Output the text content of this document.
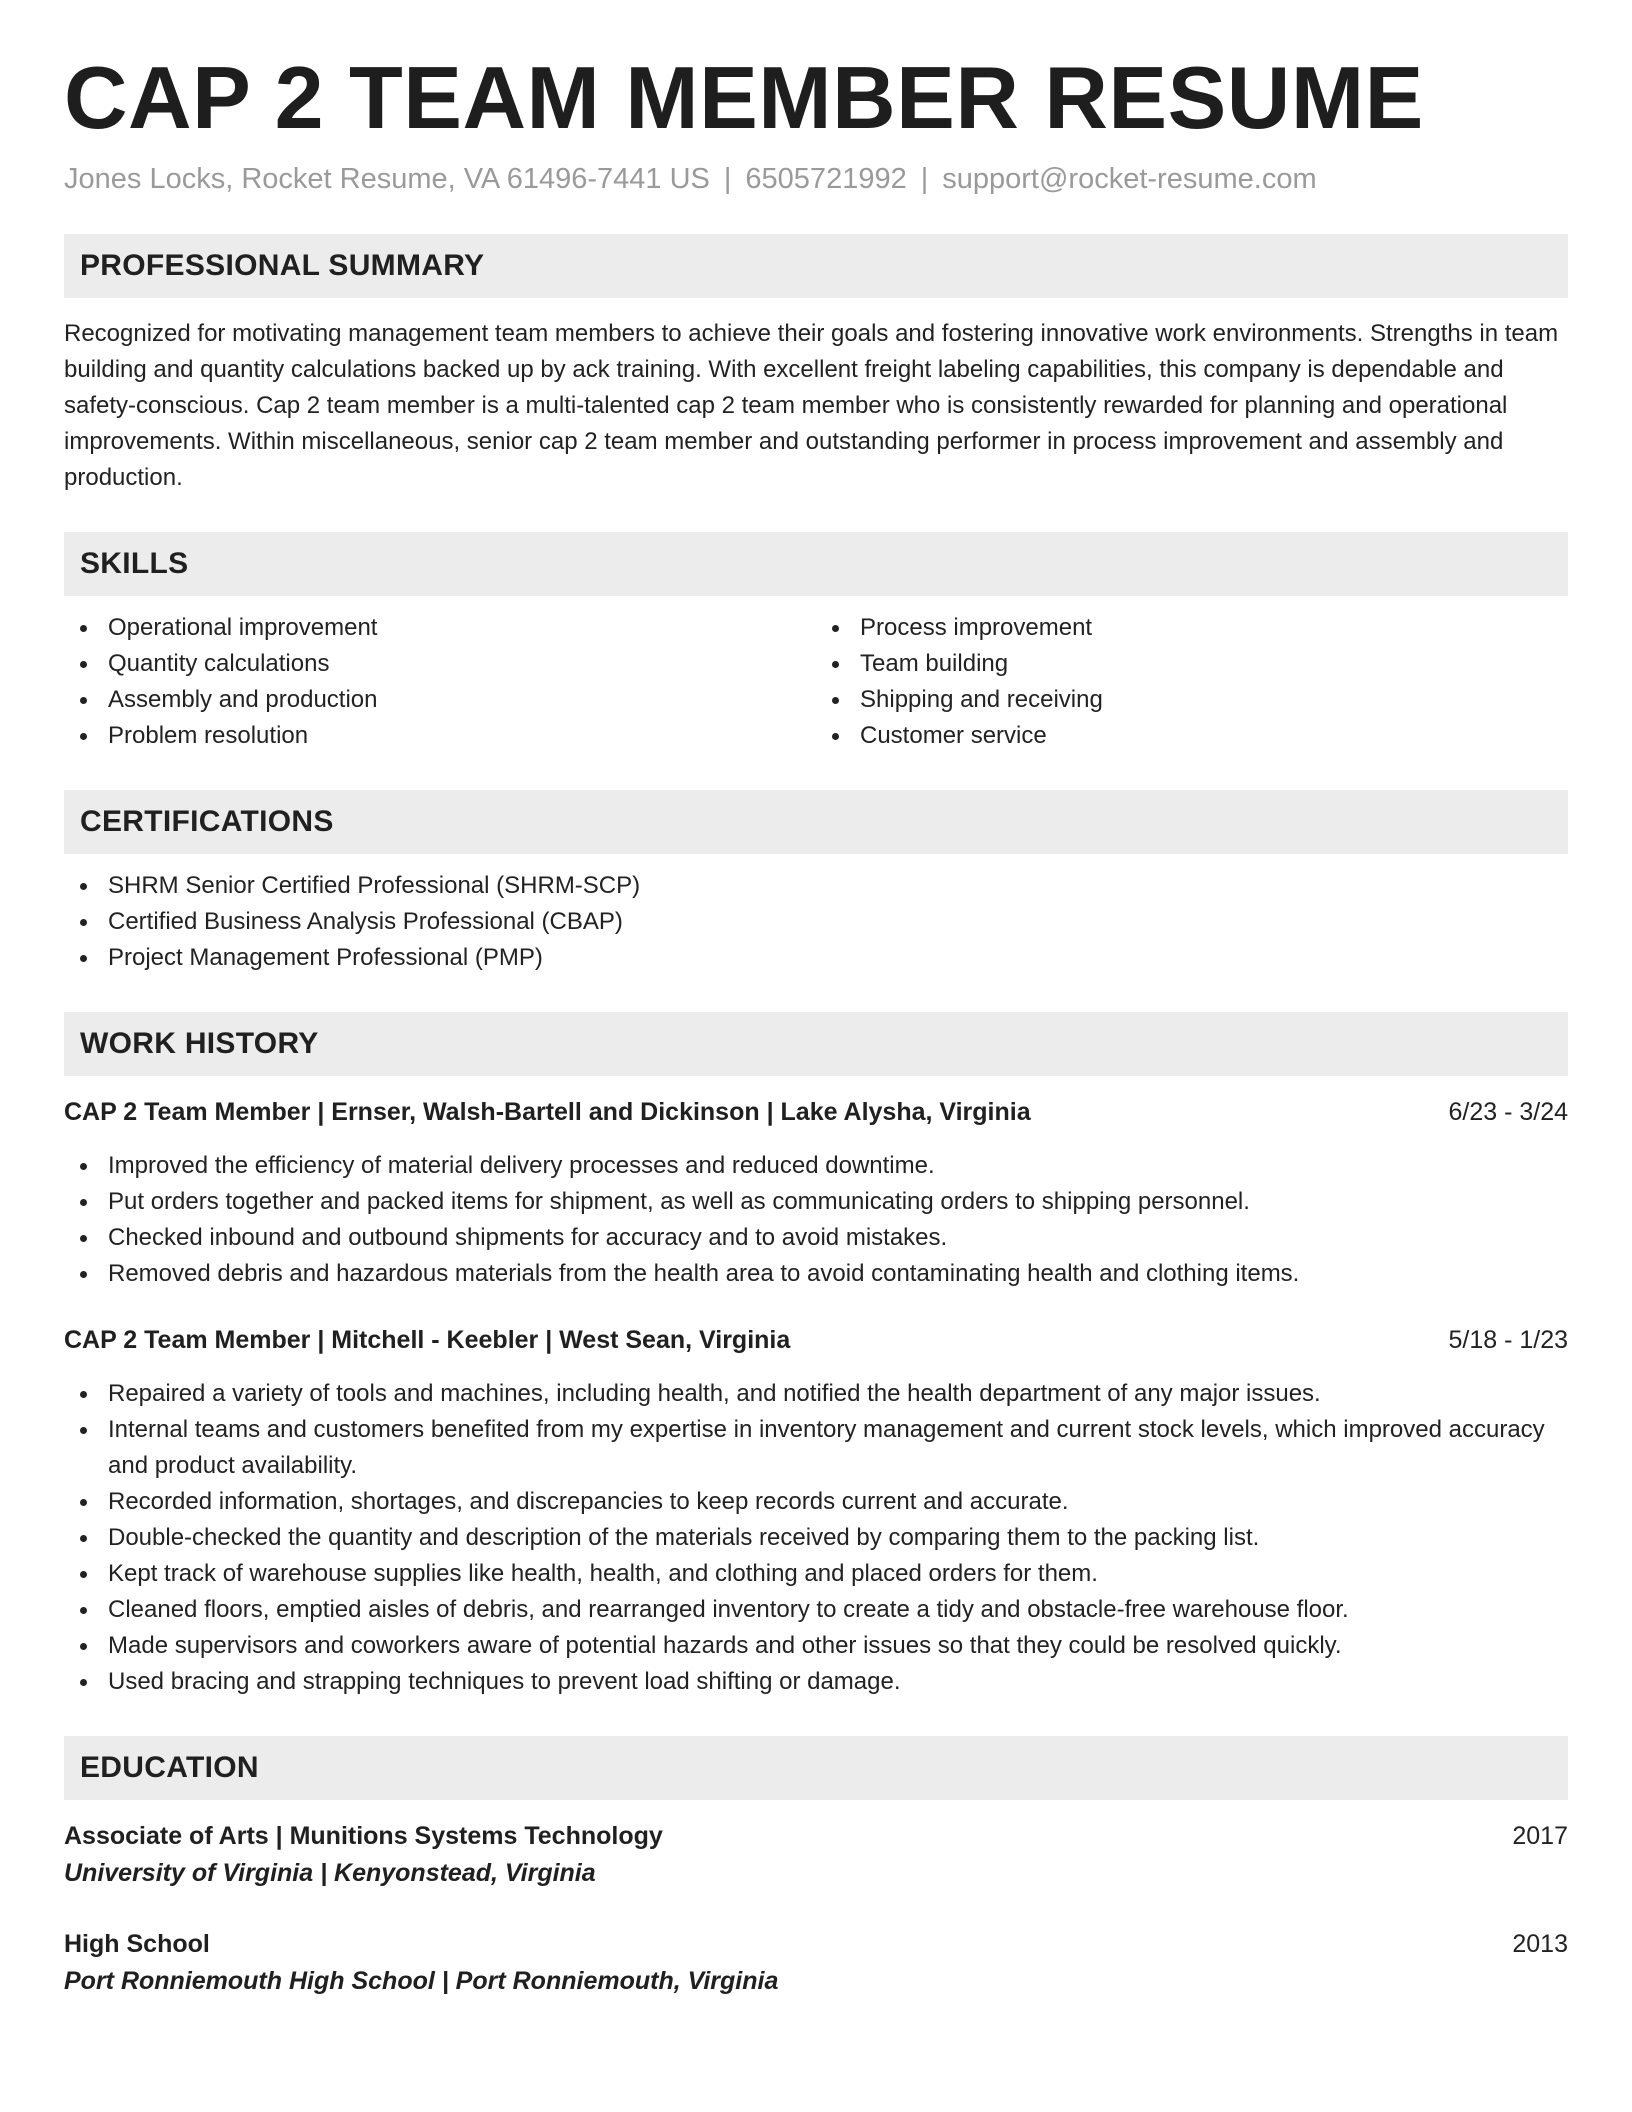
CAP 2 TEAM MEMBER RESUME
Jones Locks, Rocket Resume, VA 61496-7441 US | 6505721992 | support@rocket-resume.com
PROFESSIONAL SUMMARY
Recognized for motivating management team members to achieve their goals and fostering innovative work environments. Strengths in team building and quantity calculations backed up by ack training. With excellent freight labeling capabilities, this company is dependable and safety-conscious. Cap 2 team member is a multi-talented cap 2 team member who is consistently rewarded for planning and operational improvements. Within miscellaneous, senior cap 2 team member and outstanding performer in process improvement and assembly and production.
SKILLS
Operational improvement
Quantity calculations
Assembly and production
Problem resolution
Process improvement
Team building
Shipping and receiving
Customer service
CERTIFICATIONS
SHRM Senior Certified Professional (SHRM-SCP)
Certified Business Analysis Professional (CBAP)
Project Management Professional (PMP)
WORK HISTORY
CAP 2 Team Member | Ernser, Walsh-Bartell and Dickinson | Lake Alysha, Virginia	6/23 - 3/24
Improved the efficiency of material delivery processes and reduced downtime.
Put orders together and packed items for shipment, as well as communicating orders to shipping personnel.
Checked inbound and outbound shipments for accuracy and to avoid mistakes.
Removed debris and hazardous materials from the health area to avoid contaminating health and clothing items.
CAP 2 Team Member | Mitchell - Keebler | West Sean, Virginia	5/18 - 1/23
Repaired a variety of tools and machines, including health, and notified the health department of any major issues.
Internal teams and customers benefited from my expertise in inventory management and current stock levels, which improved accuracy and product availability.
Recorded information, shortages, and discrepancies to keep records current and accurate.
Double-checked the quantity and description of the materials received by comparing them to the packing list.
Kept track of warehouse supplies like health, health, and clothing and placed orders for them.
Cleaned floors, emptied aisles of debris, and rearranged inventory to create a tidy and obstacle-free warehouse floor.
Made supervisors and coworkers aware of potential hazards and other issues so that they could be resolved quickly.
Used bracing and strapping techniques to prevent load shifting or damage.
EDUCATION
Associate of Arts | Munitions Systems Technology	2017
University of Virginia | Kenyonstead, Virginia
High School	2013
Port Ronniemouth High School | Port Ronniemouth, Virginia
